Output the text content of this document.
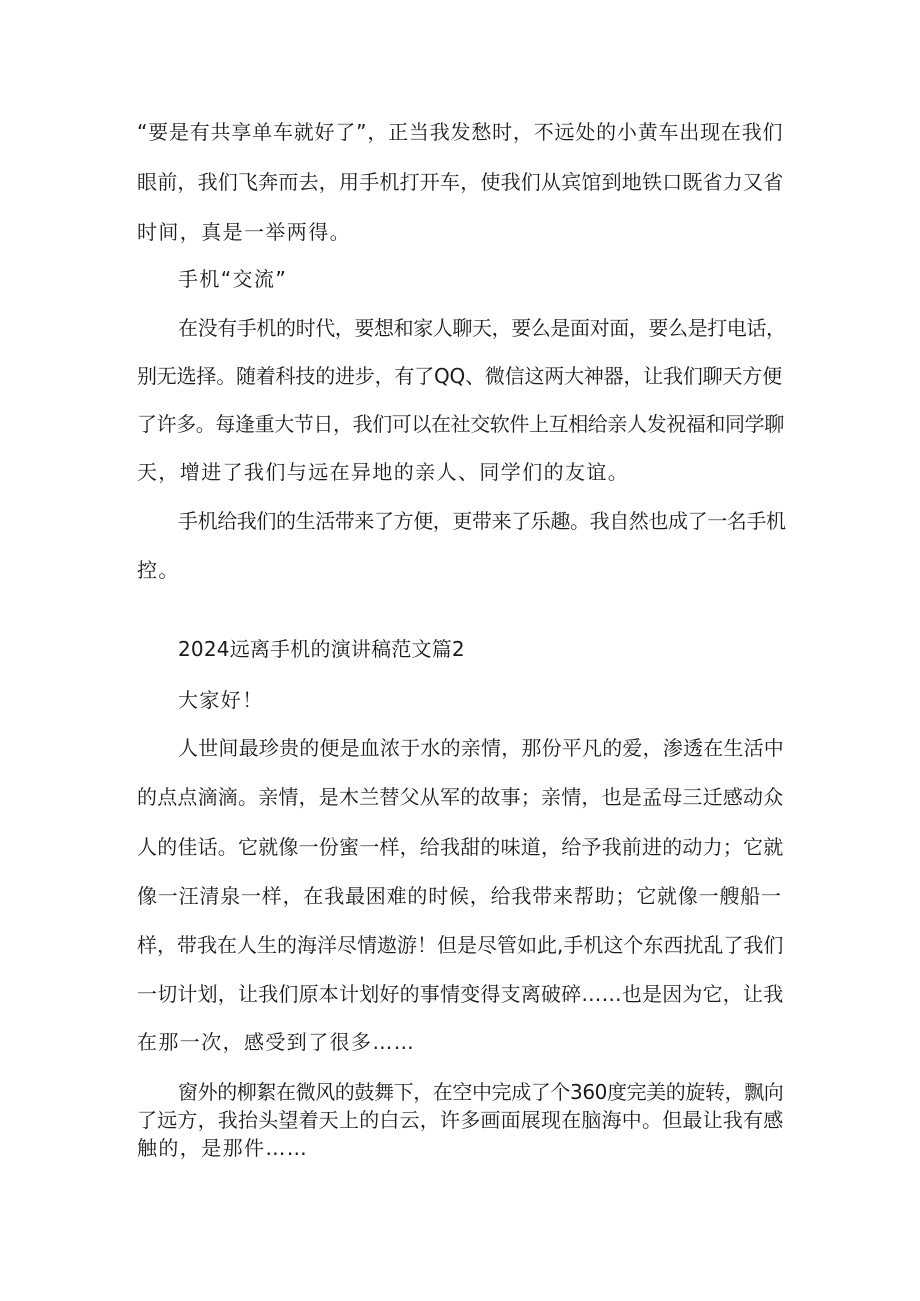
“要是有共享单车就好了”，正当我发愁时，不远处的小黄车出现在我们
眼前，我们飞奔而去，用手机打开车，使我们从宾馆到地铁口既省力又省
时间，真是一举两得。
手机“交流”
在没有手机的时代，要想和家人聊天，要么是面对面，要么是打电话，
别无选择。随着科技的进步，有了QQ、微信这两大神器，让我们聊天方便
了许多。每逢重大节日，我们可以在社交软件上互相给亲人发祝福和同学聊
天，增进了我们与远在异地的亲人、同学们的友谊。
手机给我们的生活带来了方便，更带来了乐趣。我自然也成了一名手机
控。
2024远离手机的演讲稿范文篇2
大家好！
人世间最珍贵的便是血浓于水的亲情，那份平凡的爱，渗透在生活中
的点点滴滴。亲情，是木兰替父从军的故事；亲情，也是孟母三迁感动众
人的佳话。它就像一份蜜一样，给我甜的味道，给予我前进的动力；它就
像一汪清泉一样，在我最困难的时候，给我带来帮助；它就像一艘船一
样，带我在人生的海洋尽情遨游！但是尽管如此,手机这个东西扰乱了我们
一切计划，让我们原本计划好的事情变得支离破碎……也是因为它，让我
在那一次，感受到了很多……
窗外的柳絮在微风的鼓舞下，在空中完成了个360度完美的旋转，飘向
了远方，我抬头望着天上的白云，许多画面展现在脑海中。但最让我有感
触的，是那件……
